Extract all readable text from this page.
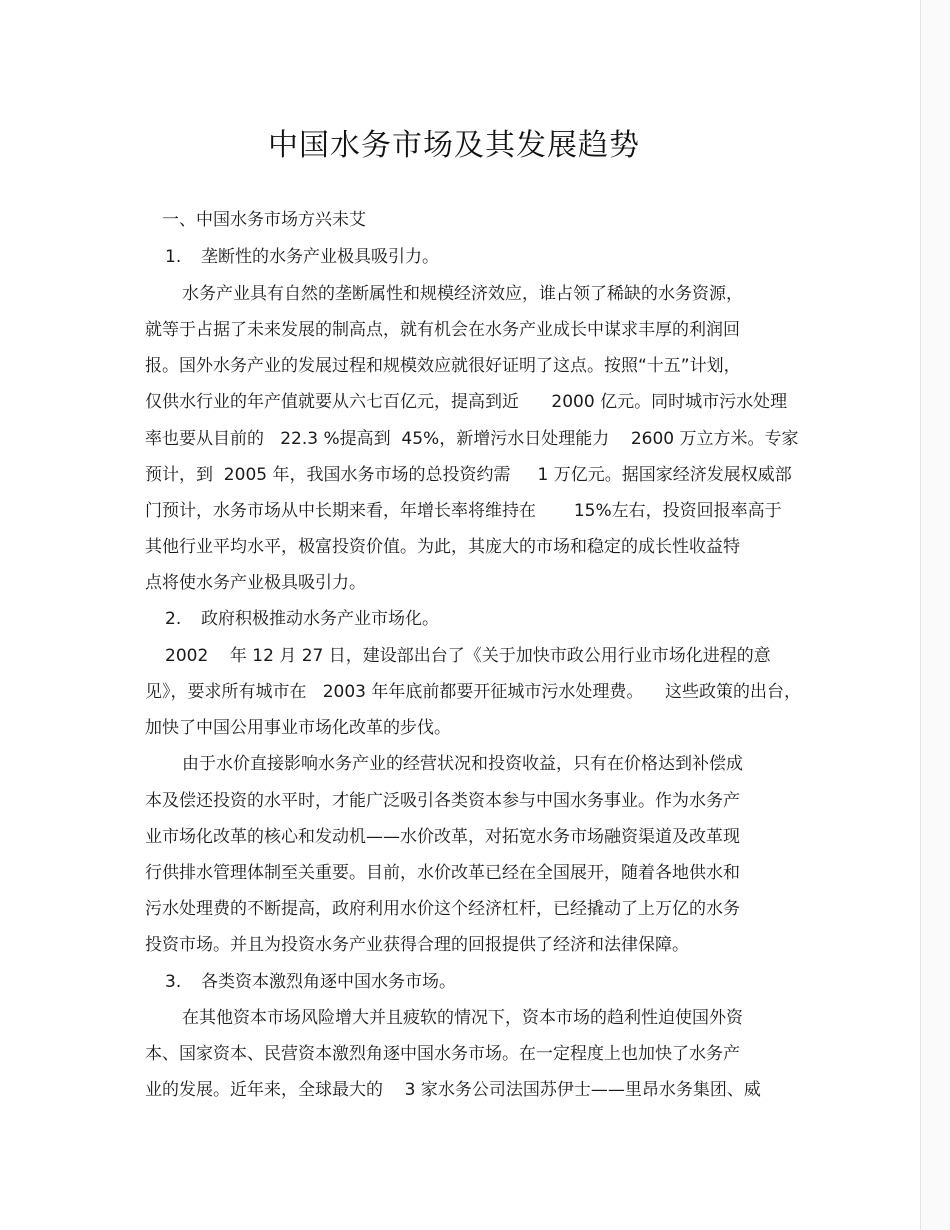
中国水务市场及其发展趋势
一、中国水务市场方兴未艾
1. 垄断性的水务产业极具吸引力。
水务产业具有自然的垄断属性和规模经济效应，谁占领了稀缺的水务资源，
就等于占据了未来发展的制高点，就有机会在水务产业成长中谋求丰厚的利润回
报。国外水务产业的发展过程和规模效应就很好证明了这点。按照“十五”计划，
仅供水行业的年产值就要从六七百亿元，提高到近      2000 亿元。同时城市污水处理
率也要从目前的   22.3 %提高到  45%，新增污水日处理能力    2600 万立方米。专家
预计，到  2005 年，我国水务市场的总投资约需     1 万亿元。据国家经济发展权威部
门预计，水务市场从中长期来看，年增长率将维持在       15%左右，投资回报率高于
其他行业平均水平，极富投资价值。为此，其庞大的市场和稳定的成长性收益特
点将使水务产业极具吸引力。
2. 政府积极推动水务产业市场化。
2002    年 12 月 27 日，建设部出台了《关于加快市政公用行业市场化进程的意
见》，要求所有城市在   2003 年年底前都要开征城市污水处理费。    这些政策的出台，
加快了中国公用事业市场化改革的步伐。
由于水价直接影响水务产业的经营状况和投资收益，只有在价格达到补偿成
本及偿还投资的水平时，才能广泛吸引各类资本参与中国水务事业。作为水务产
业市场化改革的核心和发动机——水价改革，对拓宽水务市场融资渠道及改革现
行供排水管理体制至关重要。目前，水价改革已经在全国展开，随着各地供水和
污水处理费的不断提高，政府利用水价这个经济杠杆，已经撬动了上万亿的水务
投资市场。并且为投资水务产业获得合理的回报提供了经济和法律保障。
3. 各类资本激烈角逐中国水务市场。
在其他资本市场风险增大并且疲软的情况下，资本市场的趋利性迫使国外资
本、国家资本、民营资本激烈角逐中国水务市场。在一定程度上也加快了水务产
业的发展。近年来，全球最大的    3 家水务公司法国苏伊士——里昂水务集团、威
